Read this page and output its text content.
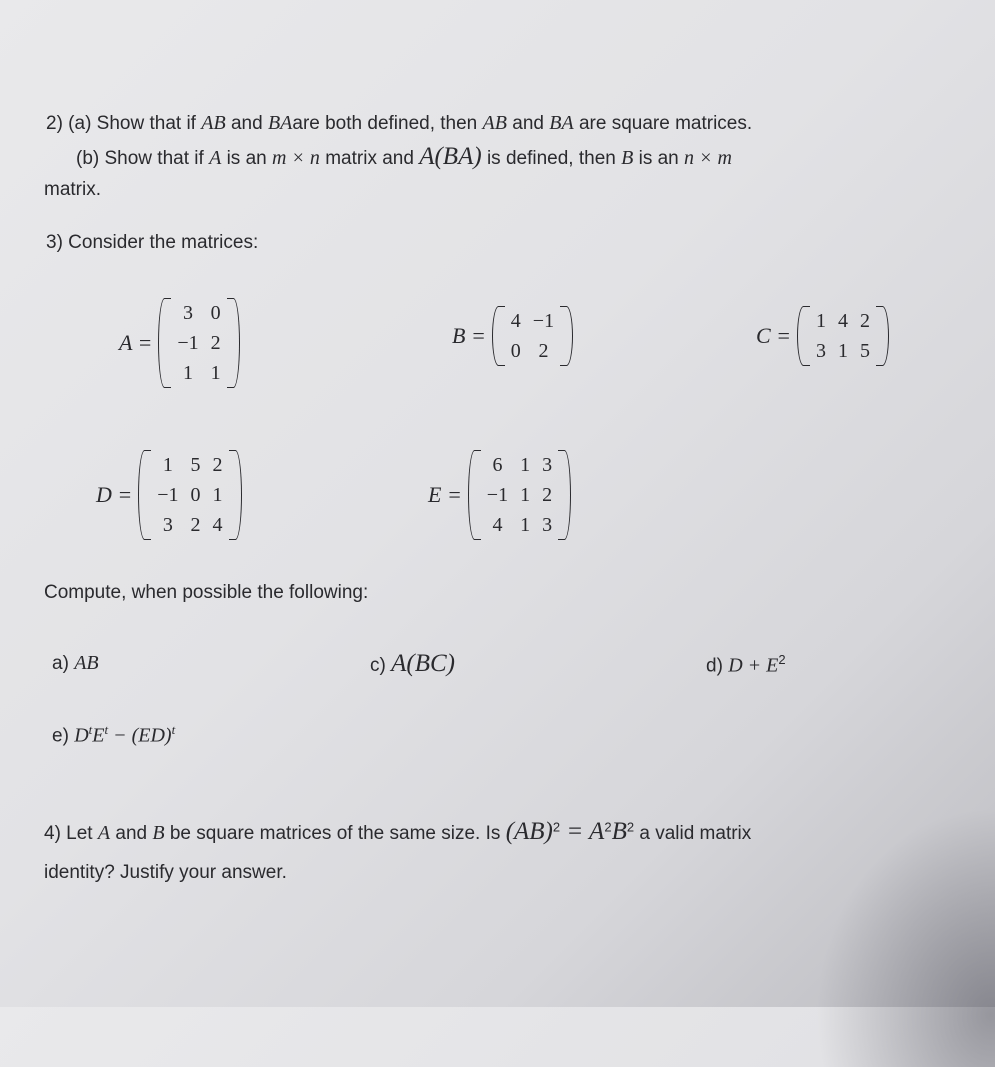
2) (a) Show that if AB and BAare both defined, then AB and BA are square matrices.
(b) Show that if A is an m × n matrix and A(BA) is defined, then B is an n × m
matrix.
3) Consider the matrices:
A =
3	0
−1	2
1	1
B =
4	−1
0	2
C =
1	4	2
3	1	5
D =
1	5	2
−1	0	1
3	2	4
E =
6	1	3
−1	1	2
4	1	3
Compute, when possible the following:
a) AB	c) A(BC)	d) $D + E^2$
e) $D^tE^t - (ED)^t$
4) Let A and B be square matrices of the same size. Is $(AB)^2 = A^2B^2$ a valid matrix
identity? Justify your answer.
